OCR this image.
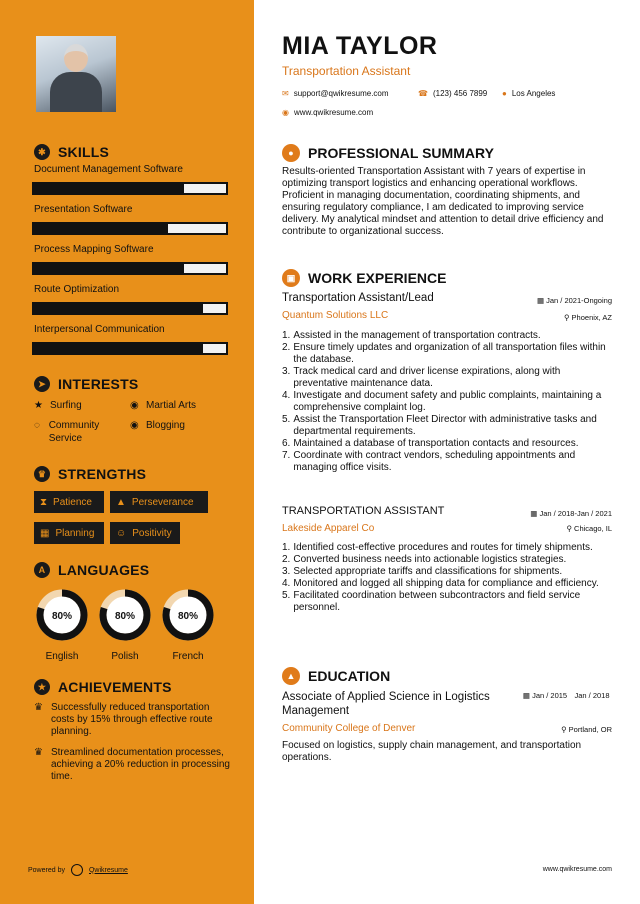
✱ SKILLS
Document Management Software
Presentation Software
Process Mapping Software
Route Optimization
Interpersonal Communication
➤ INTERESTS
★ Surfing	◉ Martial Arts
◌ Community Service
◉ Blogging
♛ STRENGTHS
⧗ Patience ▲ Perseverance
▦ Planning ☺ Positivity
A LANGUAGES
80%
English
80%
Polish
80%
French
★ ACHIEVEMENTS
♛ Successfully reduced transportation costs by 15% through effective route planning.
♛ Streamlined documentation processes, achieving a 20% reduction in processing time.
Powered by	Qwikresume
MIA TAYLOR
Transportation Assistant
✉ support@qwikresume.com	☎ (123) 456 7899 ● Los Angeles
◉ www.qwikresume.com
●	PROFESSIONAL SUMMARY
Results-oriented Transportation Assistant with 7 years of expertise in optimizing transport logistics and enhancing operational workflows. Proficient in managing documentation, coordinating shipments, and ensuring regulatory compliance, I am dedicated to improving service delivery. My analytical mindset and attention to detail drive efficiency and contribute to organizational success.
▣ WORK EXPERIENCE
Transportation Assistant/Lead	▦ Jan / 2021-Ongoing
Quantum Solutions LLC	⚲ Phoenix, AZ
1. Assisted in the management of transportation contracts.
2. Ensure timely updates and organization of all transportation files within the database.
3. Track medical card and driver license expirations, along with preventative maintenance data.
4. Investigate and document safety and public complaints, maintaining a comprehensive complaint log.
5. Assist the Transportation Fleet Director with administrative tasks and departmental requirements.
6. Maintained a database of transportation contacts and resources.
7. Coordinate with contract vendors, scheduling appointments and managing office visits.
TRANSPORTATION ASSISTANT	▦ Jan / 2018-Jan / 2021
Lakeside Apparel Co	⚲ Chicago, IL
1. Identified cost-effective procedures and routes for timely shipments.
2. Converted business needs into actionable logistics strategies.
3. Selected appropriate tariffs and classifications for shipments.
4. Monitored and logged all shipping data for compliance and efficiency.
5. Facilitated coordination between subcontractors and field service personnel.
▲ EDUCATION
Associate of Applied Science in Logistics Management
▦ Jan / 2015 Jan / 2018
Community College of Denver	⚲ Portland, OR
Focused on logistics, supply chain management, and transportation operations.
www.qwikresume.com
